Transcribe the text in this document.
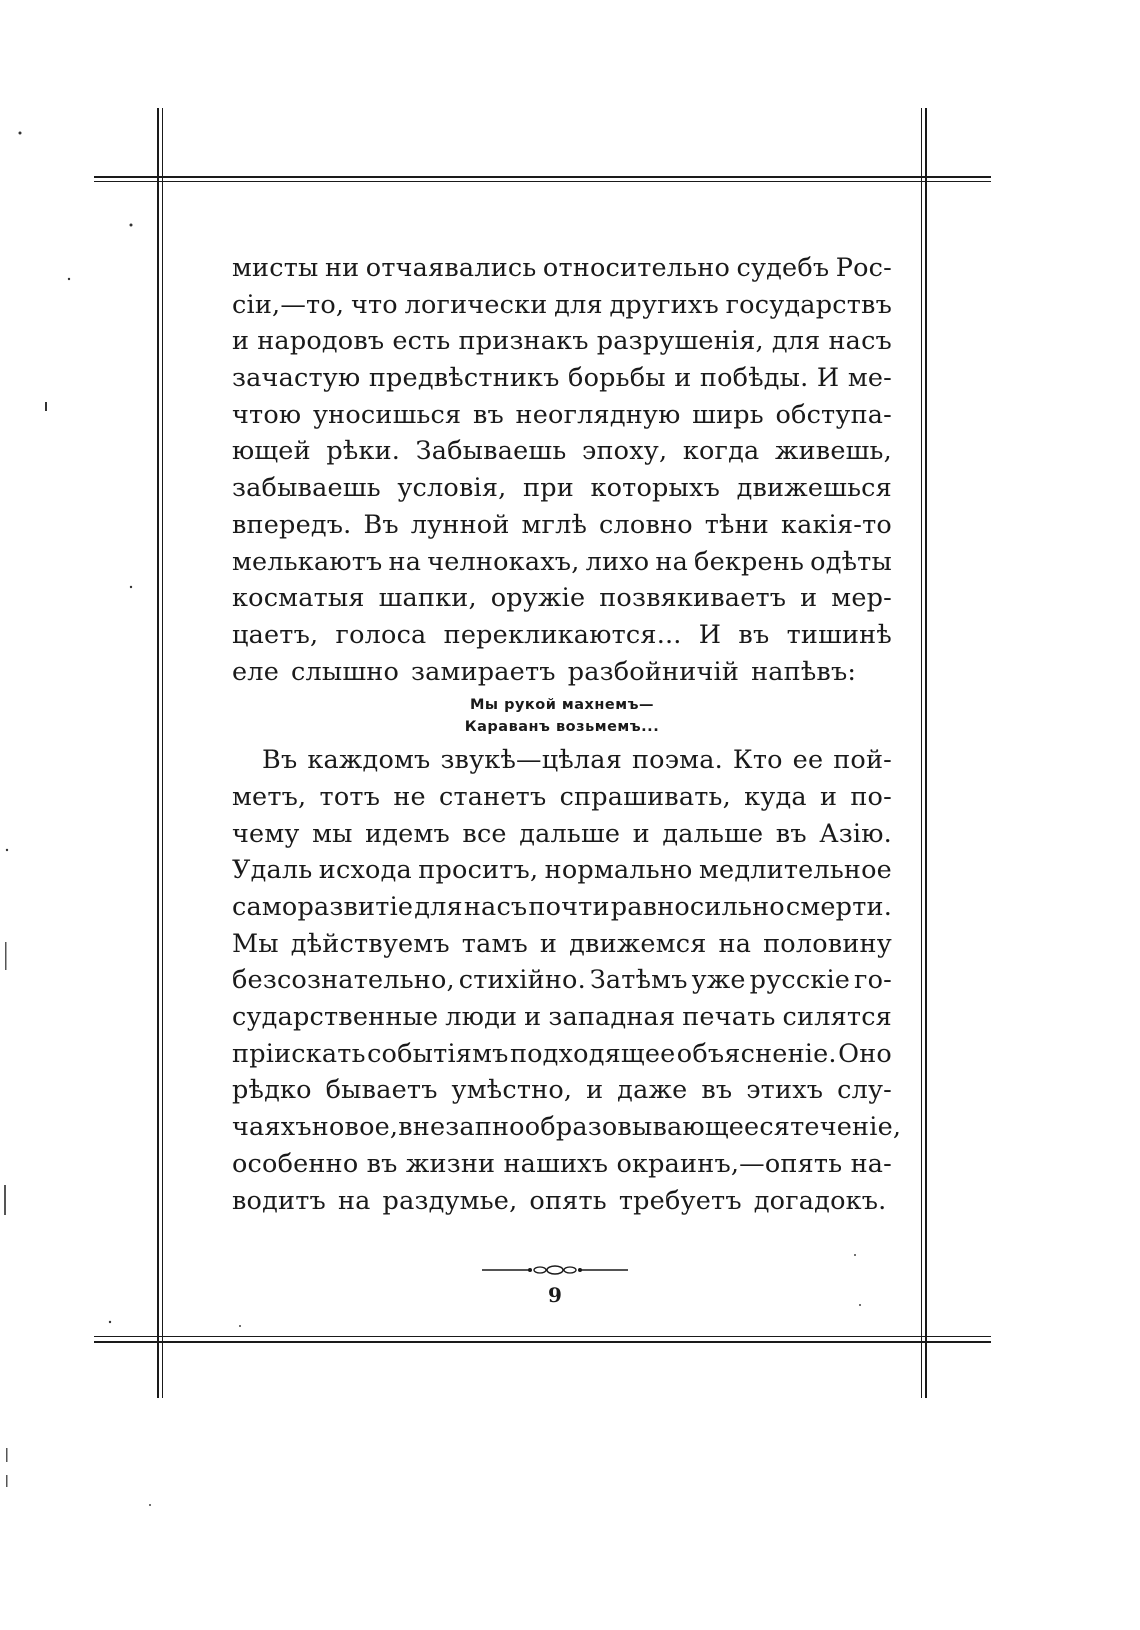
мисты ни отчаявались относительно судебъ Рос-
сiи,—то, что логически для другихъ государствъ
и народовъ есть признакъ разрушенiя, для насъ
зачастую предвѣстникъ борьбы и побѣды. И ме-
чтою уносишься въ неоглядную ширь обступа-
ющей рѣки. Забываешь эпоху, когда живешь,
забываешь условiя, при которыхъ движешься
впередъ. Въ лунной мглѣ словно тѣни какiя-то
мелькаютъ на челнокахъ, лихо на бекрень одѣты
косматыя шапки, оружiе позвякиваетъ и мер-
цаетъ, голоса перекликаются... И въ тишинѣ
еле слышно замираетъ разбойничiй напѣвъ:
Мы рукой махнемъ—
Караванъ возьмемъ...
Въ каждомъ звукѣ—цѣлая поэма. Кто ее пой-
метъ, тотъ не станетъ спрашивать, куда и по-
чему мы идемъ все дальше и дальше въ Азiю.
Удаль исхода проситъ, нормально медлительное
саморазвитiе для насъ почти равносильно смерти.
Мы дѣйствуемъ тамъ и движемся на половину
безсознательно, стихiйно. Затѣмъ уже русскiе го-
сударственные люди и западная печать силятся
прiискать событiямъ подходящее объясненiе. Оно
рѣдко бываетъ умѣстно, и даже въ этихъ слу-
чаяхъ новое, внезапно образовывающееся теченiе,
особенно въ жизни нашихъ окраинъ,—опять на-
водитъ на раздумье, опять требуетъ догадокъ.
9
